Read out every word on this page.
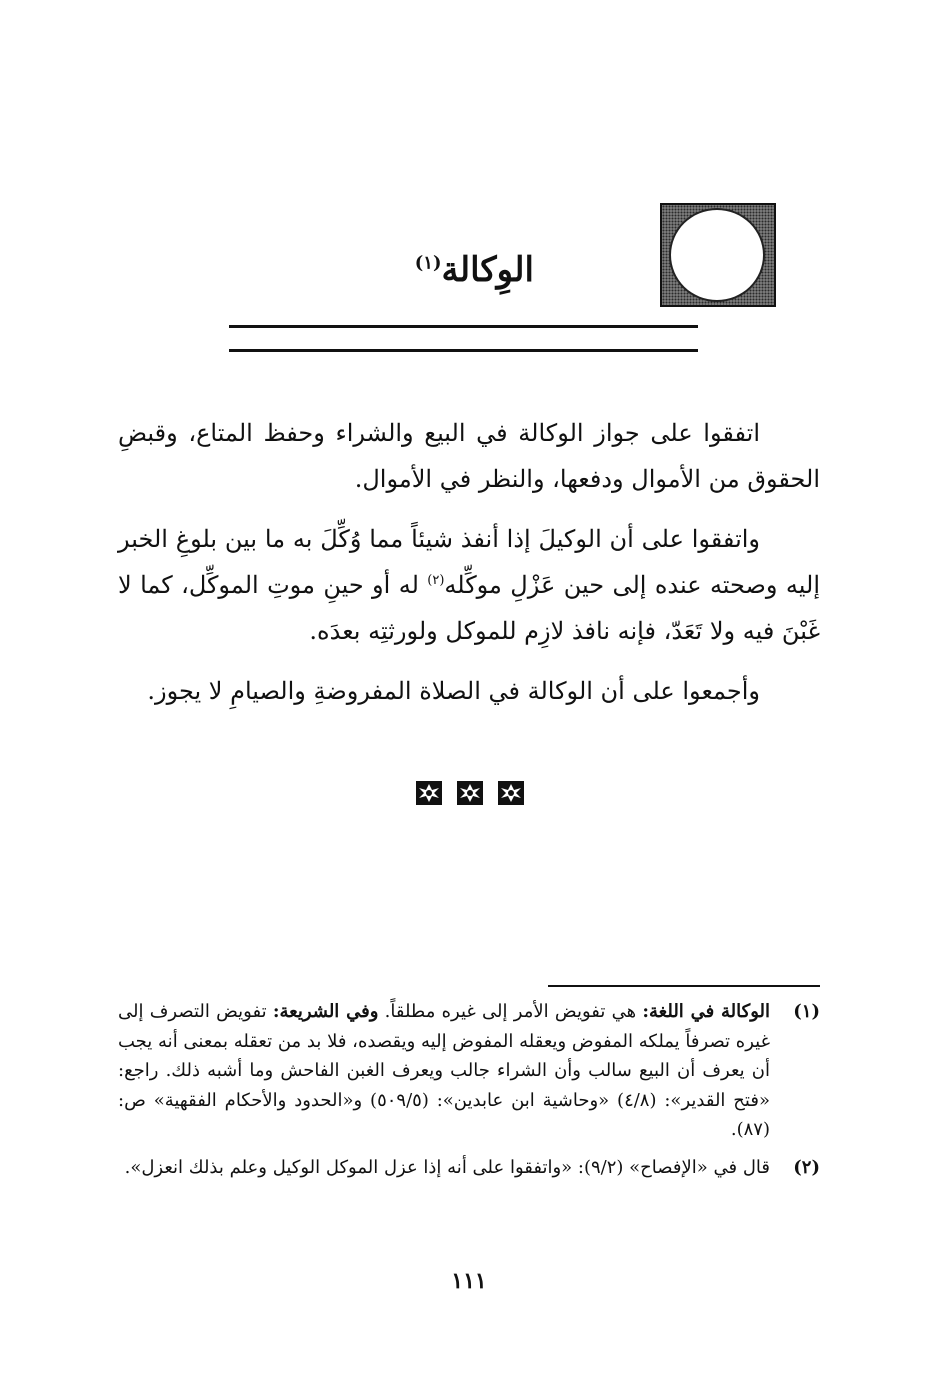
الوِكالة$^{(١)}$

اتفقوا على جواز الوكالة في البيع والشراء وحفظ المتاع، وقبضِ الحقوق من الأموال ودفعها، والنظر في الأموال.

واتفقوا على أن الوكيلَ إذا أنفذ شيئاً مما وُكِّلَ به ما بين بلوغِ الخبر إليه وصحته عنده إلى حين عَزْلِ موكِّله$^{(٢)}$ له أو حينِ موتِ الموكِّل، كما لا غَبْنَ فيه ولا تَعَدّ، فإنه نافذ لازِم للموكل ولورثتِه بعدَه.

وأجمعوا على أن الوكالة في الصلاة المفروضةِ والصيامِ لا يجوز.

(١)
الوكالة في اللغة: هي تفويض الأمر إلى غيره مطلقاً. وفي الشريعة: تفويض التصرف إلى غيره تصرفاً يملكه المفوض ويعقله المفوض إليه ويقصده، فلا بد من تعقله بمعنى أنه يجب أن يعرف أن البيع سالب وأن الشراء جالب ويعرف الغبن الفاحش وما أشبه ذلك. راجع: «فتح القدير»: (٤/٨) «وحاشية ابن عابدين»: (٥٠٩/٥) و«الحدود والأحكام الفقهية» ص: (٨٧).
(٢)
قال في «الإفصاح» (٩/٢): «واتفقوا على أنه إذا عزل الموكل الوكيل وعلم بذلك انعزل».
١١١
